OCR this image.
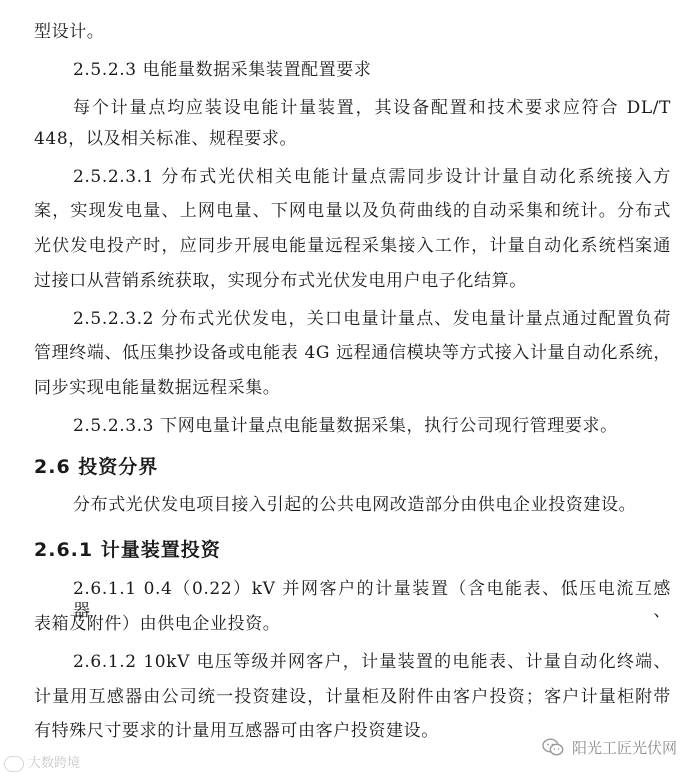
型设计。
2.5.2.3 电能量数据采集装置配置要求
每个计量点均应装设电能计量装置，其设备配置和技术要求应符合 DL/T
448，以及相关标准、规程要求。
2.5.2.3.1 分布式光伏相关电能计量点需同步设计计量自动化系统接入方
案，实现发电量、上网电量、下网电量以及负荷曲线的自动采集和统计。分布式
光伏发电投产时，应同步开展电能量远程采集接入工作，计量自动化系统档案通
过接口从营销系统获取，实现分布式光伏发电用户电子化结算。
2.5.2.3.2 分布式光伏发电，关口电量计量点、发电量计量点通过配置负荷
管理终端、低压集抄设备或电能表 4G 远程通信模块等方式接入计量自动化系统，
同步实现电能量数据远程采集。
2.5.2.3.3 下网电量计量点电能量数据采集，执行公司现行管理要求。
2.6 投资分界
分布式光伏发电项目接入引起的公共电网改造部分由供电企业投资建设。
2.6.1 计量装置投资
2.6.1.1 0.4（0.22）kV 并网客户的计量装置（含电能表、低压电流互感器、
表箱及附件）由供电企业投资。
2.6.1.2 10kV 电压等级并网客户，计量装置的电能表、计量自动化终端、
计量用互感器由公司统一投资建设，计量柜及附件由客户投资；客户计量柜附带
有特殊尺寸要求的计量用互感器可由客户投资建设。
大数跨境
阳光工匠光伏网
